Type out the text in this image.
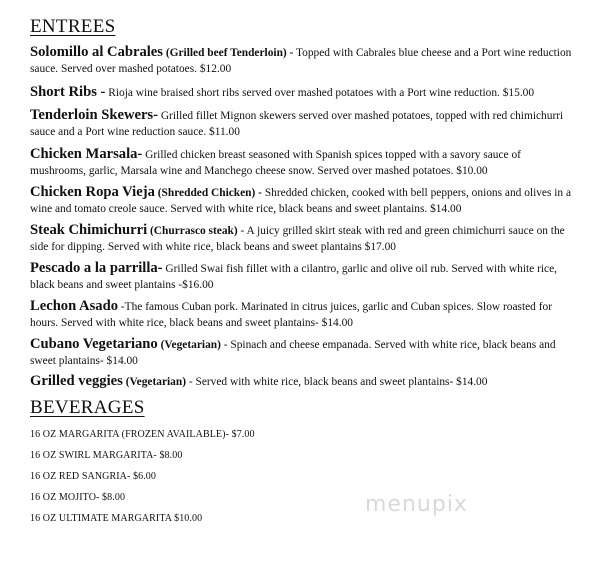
ENTREES

Solomillo al Cabrales (Grilled beef Tenderloin) - Topped with Cabrales blue cheese and a Port wine reduction sauce. Served over mashed potatoes. $12.00

Short Ribs - Rioja wine braised short ribs served over mashed potatoes with a Port wine reduction. $15.00

Tenderloin Skewers- Grilled fillet Mignon skewers served over mashed potatoes, topped with red chimichurri sauce and a Port wine reduction sauce. $11.00

Chicken Marsala- Grilled chicken breast seasoned with Spanish spices topped with a savory sauce of mushrooms, garlic, Marsala wine and Manchego cheese snow. Served over mashed potatoes. $10.00

Chicken Ropa Vieja (Shredded Chicken) - Shredded chicken, cooked with bell peppers, onions and olives in a wine and tomato creole sauce. Served with white rice, black beans and sweet plantains. $14.00

Steak Chimichurri (Churrasco steak) - A juicy grilled skirt steak with red and green chimichurri sauce on the side for dipping. Served with white rice, black beans and sweet plantains $17.00

Pescado a la parrilla- Grilled Swai fish fillet with a cilantro, garlic and olive oil rub. Served with white rice, black beans and sweet plantains -$16.00

Lechon Asado -The famous Cuban pork. Marinated in citrus juices, garlic and Cuban spices. Slow roasted for hours. Served with white rice, black beans and sweet plantains- $14.00

Cubano Vegetariano (Vegetarian) - Spinach and cheese empanada. Served with white rice, black beans and sweet plantains- $14.00

Grilled veggies (Vegetarian) - Served with white rice, black beans and sweet plantains- $14.00

BEVERAGES

16 OZ MARGARITA (FROZEN AVAILABLE)- $7.00

16 OZ SWIRL MARGARITA- $8.00

16 OZ RED SANGRIA- $6.00

16 OZ MOJITO- $8.00

16 OZ ULTIMATE MARGARITA $10.00

menupix
